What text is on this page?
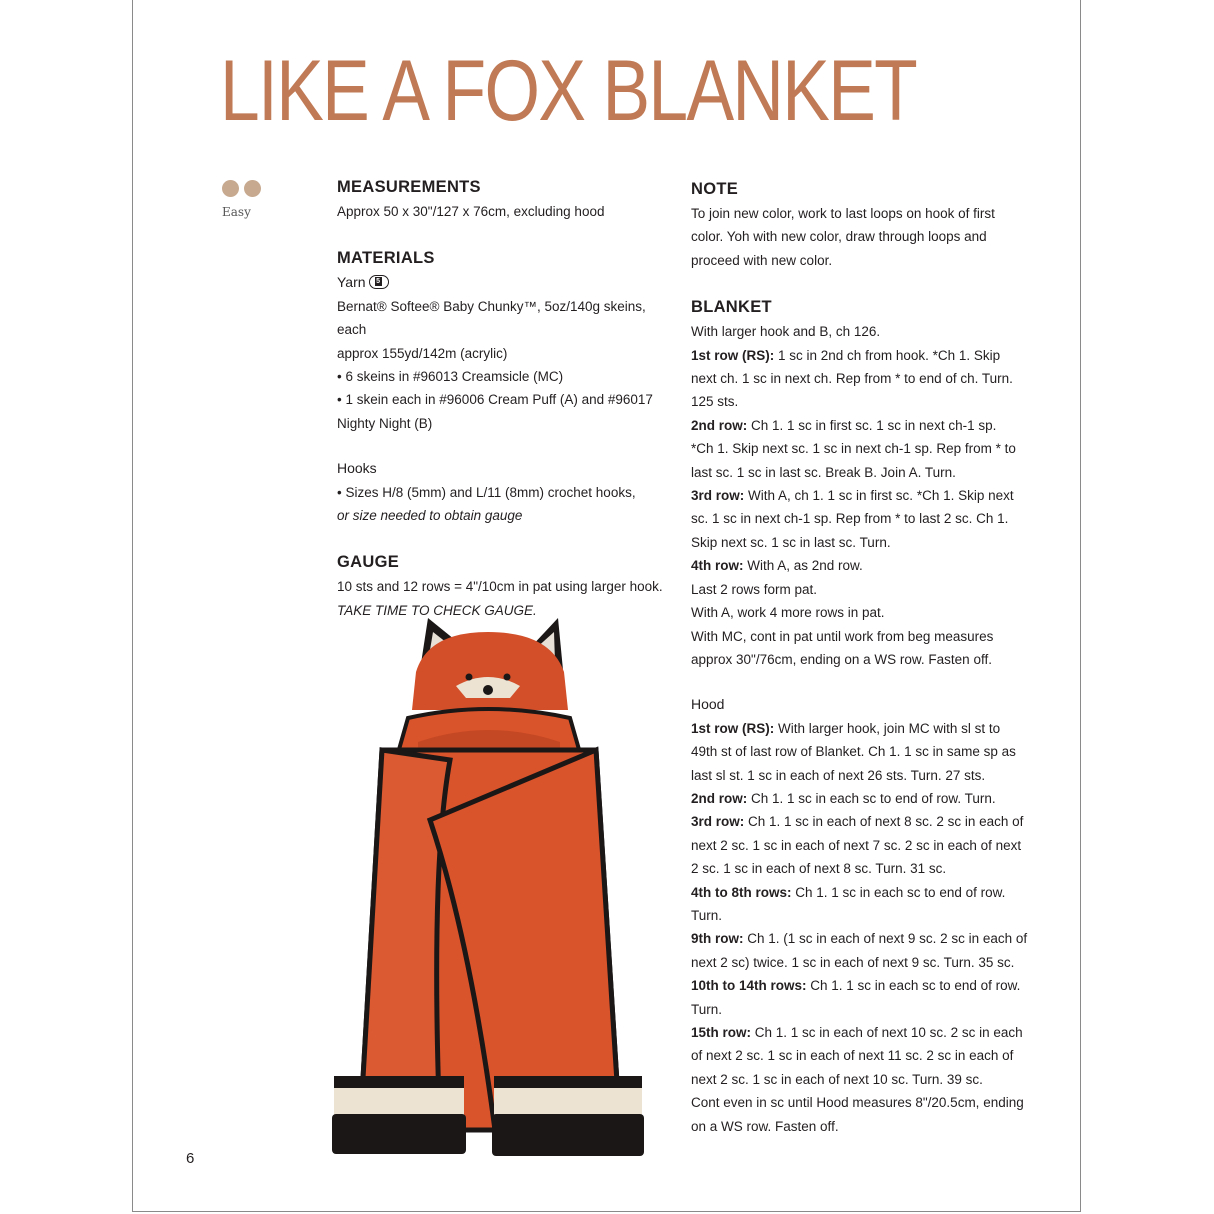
LIKE A FOX BLANKET

Easy
MEASUREMENTS

Approx 50 x 30"/127 x 76cm, excluding hood

MATERIALS

Yarn 5

Bernat® Softee® Baby Chunky™, 5oz/140g skeins, each

approx 155yd/142m (acrylic)

• 6 skeins in #96013 Creamsicle (MC)

• 1 skein each in #96006 Cream Puff (A) and #96017

Nighty Night (B)

Hooks

• Sizes H/8 (5mm) and L/11 (8mm) crochet hooks,

or size needed to obtain gauge

GAUGE

10 sts and 12 rows = 4"/10cm in pat using larger hook.

TAKE TIME TO CHECK GAUGE.

NOTE

To join new color, work to last loops on hook of first

color. Yoh with new color, draw through loops and

proceed with new color.

BLANKET

With larger hook and B, ch 126.

1st row (RS): 1 sc in 2nd ch from hook. *Ch 1. Skip

next ch. 1 sc in next ch. Rep from * to end of ch. Turn.

125 sts.

2nd row: Ch 1. 1 sc in first sc. 1 sc in next ch-1 sp.

*Ch 1. Skip next sc. 1 sc in next ch-1 sp. Rep from * to

last sc. 1 sc in last sc. Break B. Join A. Turn.

3rd row: With A, ch 1. 1 sc in first sc. *Ch 1. Skip next

sc. 1 sc in next ch-1 sp. Rep from * to last 2 sc. Ch 1.

Skip next sc. 1 sc in last sc. Turn.

4th row: With A, as 2nd row.

Last 2 rows form pat.

With A, work 4 more rows in pat.

With MC, cont in pat until work from beg measures

approx 30"/76cm, ending on a WS row. Fasten off.

Hood

1st row (RS): With larger hook, join MC with sl st to

49th st of last row of Blanket. Ch 1. 1 sc in same sp as

last sl st. 1 sc in each of next 26 sts. Turn. 27 sts.

2nd row: Ch 1. 1 sc in each sc to end of row. Turn.

3rd row: Ch 1. 1 sc in each of next 8 sc. 2 sc in each of

next 2 sc. 1 sc in each of next 7 sc. 2 sc in each of next

2 sc. 1 sc in each of next 8 sc. Turn. 31 sc.

4th to 8th rows: Ch 1. 1 sc in each sc to end of row.

Turn.

9th row: Ch 1. (1 sc in each of next 9 sc. 2 sc in each of

next 2 sc) twice. 1 sc in each of next 9 sc. Turn. 35 sc.

10th to 14th rows: Ch 1. 1 sc in each sc to end of row.

Turn.

15th row: Ch 1. 1 sc in each of next 10 sc. 2 sc in each

of next 2 sc. 1 sc in each of next 11 sc. 2 sc in each of

next 2 sc. 1 sc in each of next 10 sc. Turn. 39 sc.

Cont even in sc until Hood measures 8"/20.5cm, ending

on a WS row. Fasten off.

6
